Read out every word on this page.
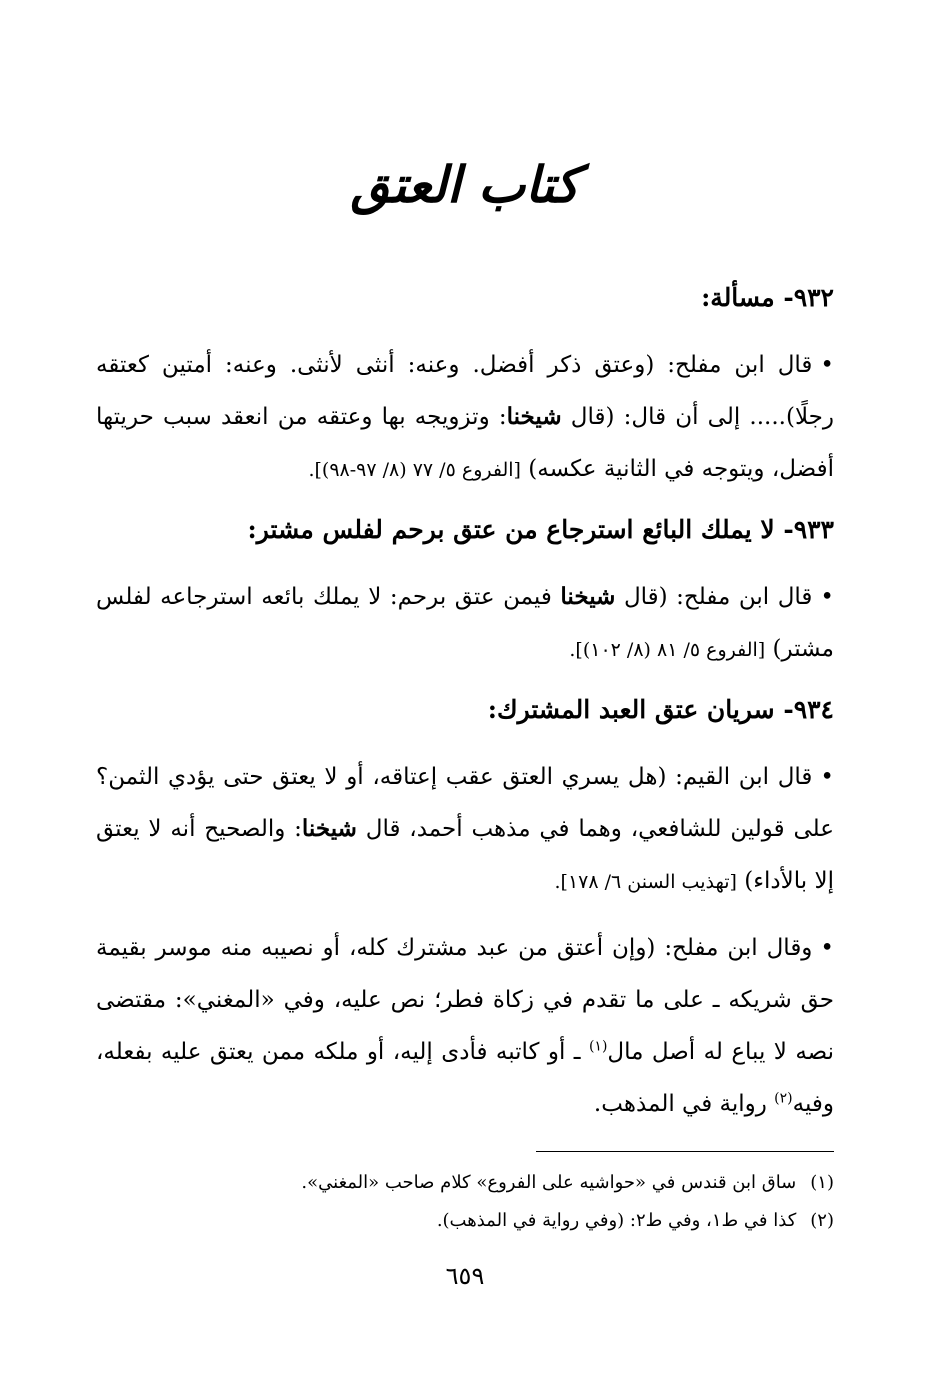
كتاب العتق
٩٣٢- مسألة:

•قال ابن مفلح: (وعتق ذكر أفضل. وعنه: أنثى لأنثى. وعنه: أمتين كعتقه رجلًا)..... إلى أن قال: (قال شيخنا: وتزويجه بها وعتقه من انعقد سبب حريتها أفضل، ويتوجه في الثانية عكسه) [الفروع ٥/ ٧٧ (٨/ ٩٧-٩٨)].

٩٣٣- لا يملك البائع استرجاع من عتق برحم لفلس مشتر:

•قال ابن مفلح: (قال شيخنا فيمن عتق برحم: لا يملك بائعه استرجاعه لفلس مشتر) [الفروع ٥/ ٨١ (٨/ ١٠٢)].

٩٣٤- سريان عتق العبد المشترك:

•قال ابن القيم: (هل يسري العتق عقب إعتاقه، أو لا يعتق حتى يؤدي الثمن؟ على قولين للشافعي، وهما في مذهب أحمد، قال شيخنا: والصحيح أنه لا يعتق إلا بالأداء) [تهذيب السنن ٦/ ١٧٨].

•وقال ابن مفلح: (وإن أعتق من عبد مشترك كله، أو نصيبه منه موسر بقيمة حق شريكه ـ على ما تقدم في زكاة فطر؛ نص عليه، وفي «المغني»: مقتضى نصه لا يباع له أصل مال$^{(١)}$ ـ أو كاتبه فأدى إليه، أو ملكه ممن يعتق عليه بفعله، وفيه$^{(٢)}$ رواية في المذهب.

(١)ساق ابن قندس في «حواشيه على الفروع» كلام صاحب «المغني».
(٢)كذا في ط١، وفي ط٢: (وفي رواية في المذهب).
٦٥٩
